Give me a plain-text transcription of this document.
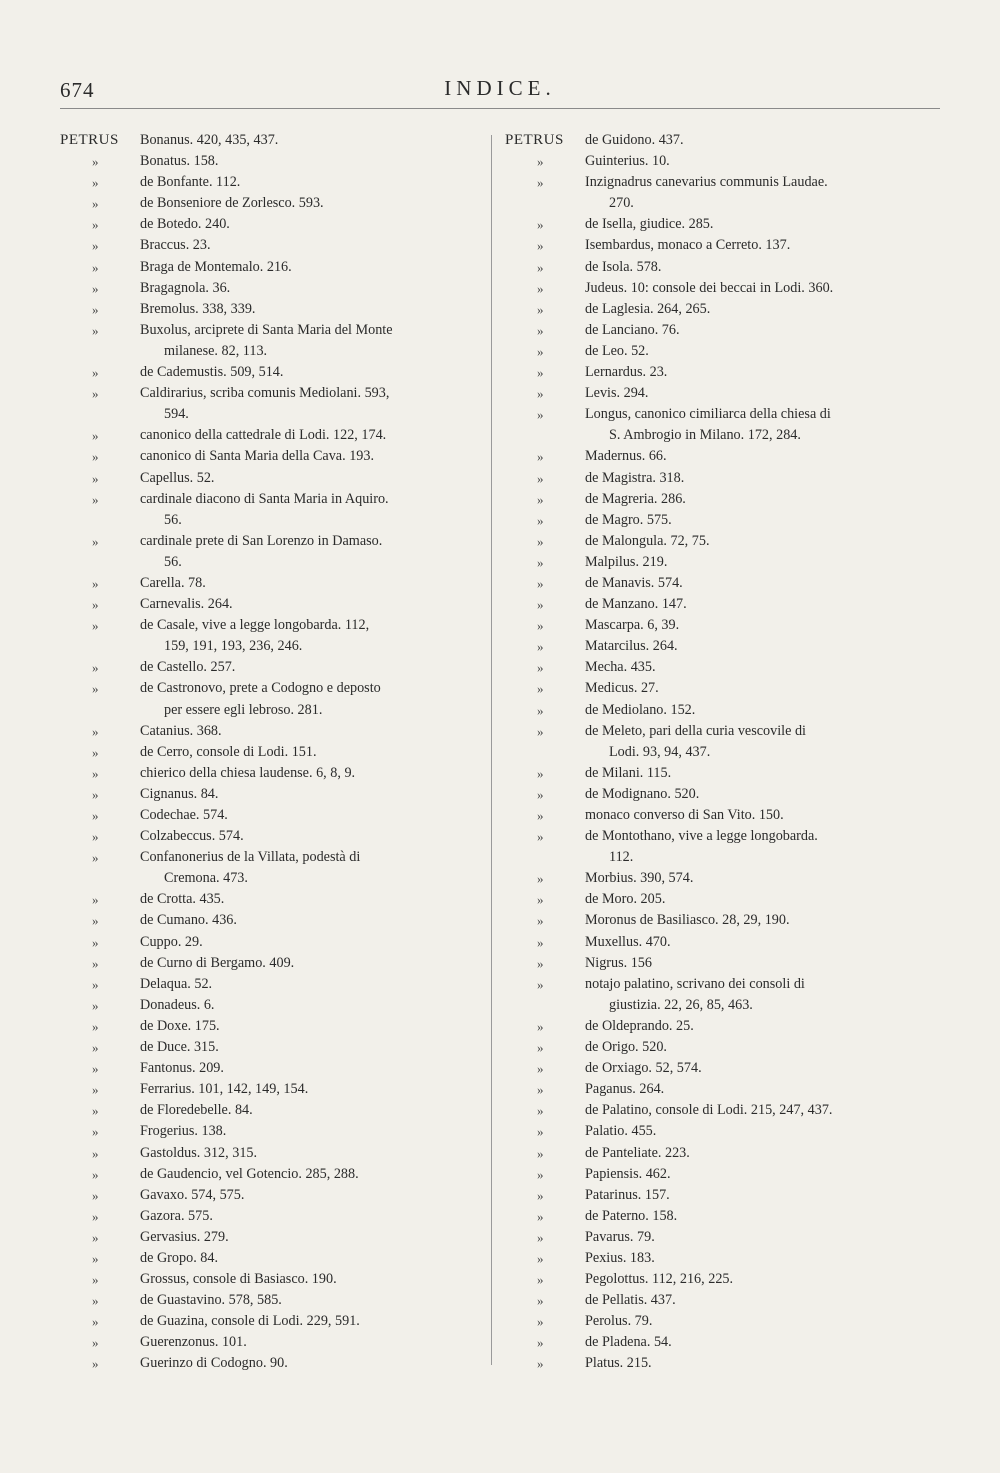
674	INDICE.
PETRUS Bonanus. 420, 435, 437.
»	Bonatus. 158.
»	de Bonfante. 112.
»	de Bonseniore de Zorlesco. 593.
»	de Botedo. 240.
»	Braccus. 23.
»	Braga de Montemalo. 216.
»	Bragagnola. 36.
»	Bremolus. 338, 339.
»	Buxolus, arciprete di Santa Maria del Monte
milanese. 82, 113.
»	de Cademustis. 509, 514.
»	Caldirarius, scriba comunis Mediolani. 593,
594.
»	canonico della cattedrale di Lodi. 122, 174.
»	canonico di Santa Maria della Cava. 193.
»	Capellus. 52.
»	cardinale diacono di Santa Maria in Aquiro.
56.
»	cardinale prete di San Lorenzo in Damaso.
56.
»	Carella. 78.
»	Carnevalis. 264.
»	de Casale, vive a legge longobarda. 112,
159, 191, 193, 236, 246.
»	de Castello. 257.
»	de Castronovo, prete a Codogno e deposto
per essere egli lebroso. 281.
»	Catanius. 368.
»	de Cerro, console di Lodi. 151.
»	chierico della chiesa laudense. 6, 8, 9.
»	Cignanus. 84.
»	Codechae. 574.
»	Colzabeccus. 574.
»	Confanonerius de la Villata, podestà di
Cremona. 473.
»	de Crotta. 435.
»	de Cumano. 436.
»	Cuppo. 29.
»	de Curno di Bergamo. 409.
»	Delaqua. 52.
»	Donadeus. 6.
»	de Doxe. 175.
»	de Duce. 315.
»	Fantonus. 209.
»	Ferrarius. 101, 142, 149, 154.
»	de Floredebelle. 84.
»	Frogerius. 138.
»	Gastoldus. 312, 315.
»	de Gaudencio, vel Gotencio. 285, 288.
»	Gavaxo. 574, 575.
»	Gazora. 575.
»	Gervasius. 279.
»	de Gropo. 84.
»	Grossus, console di Basiasco. 190.
»	de Guastavino. 578, 585.
»	de Guazina, console di Lodi. 229, 591.
»	Guerenzonus. 101.
»	Guerinzo di Codogno. 90.
PETRUS de Guidono. 437.
»	Guinterius. 10.
»	Inzignadrus canevarius communis Laudae.
270.
»	de Isella, giudice. 285.
»	Isembardus, monaco a Cerreto. 137.
»	de Isola. 578.
»	Judeus. 10: console dei beccai in Lodi. 360.
»	de Laglesia. 264, 265.
»	de Lanciano. 76.
»	de Leo. 52.
»	Lernardus. 23.
»	Levis. 294.
»	Longus, canonico cimiliarca della chiesa di
S. Ambrogio in Milano. 172, 284.
»	Madernus. 66.
»	de Magistra. 318.
»	de Magreria. 286.
»	de Magro. 575.
»	de Malongula. 72, 75.
»	Malpilus. 219.
»	de Manavis. 574.
»	de Manzano. 147.
»	Mascarpa. 6, 39.
»	Matarcilus. 264.
»	Mecha. 435.
»	Medicus. 27.
»	de Mediolano. 152.
»	de Meleto, pari della curia vescovile di
Lodi. 93, 94, 437.
»	de Milani. 115.
»	de Modignano. 520.
»	monaco converso di San Vito. 150.
»	de Montothano, vive a legge longobarda.
112.
»	Morbius. 390, 574.
»	de Moro. 205.
»	Moronus de Basiliasco. 28, 29, 190.
»	Muxellus. 470.
»	Nigrus. 156
»	notajo palatino, scrivano dei consoli di
giustizia. 22, 26, 85, 463.
»	de Oldeprando. 25.
»	de Origo. 520.
»	de Orxiago. 52, 574.
»	Paganus. 264.
»	de Palatino, console di Lodi. 215, 247, 437.
»	Palatio. 455.
»	de Panteliate. 223.
»	Papiensis. 462.
»	Patarinus. 157.
»	de Paterno. 158.
»	Pavarus. 79.
»	Pexius. 183.
»	Pegolottus. 112, 216, 225.
»	de Pellatis. 437.
»	Perolus. 79.
»	de Pladena. 54.
»	Platus. 215.
